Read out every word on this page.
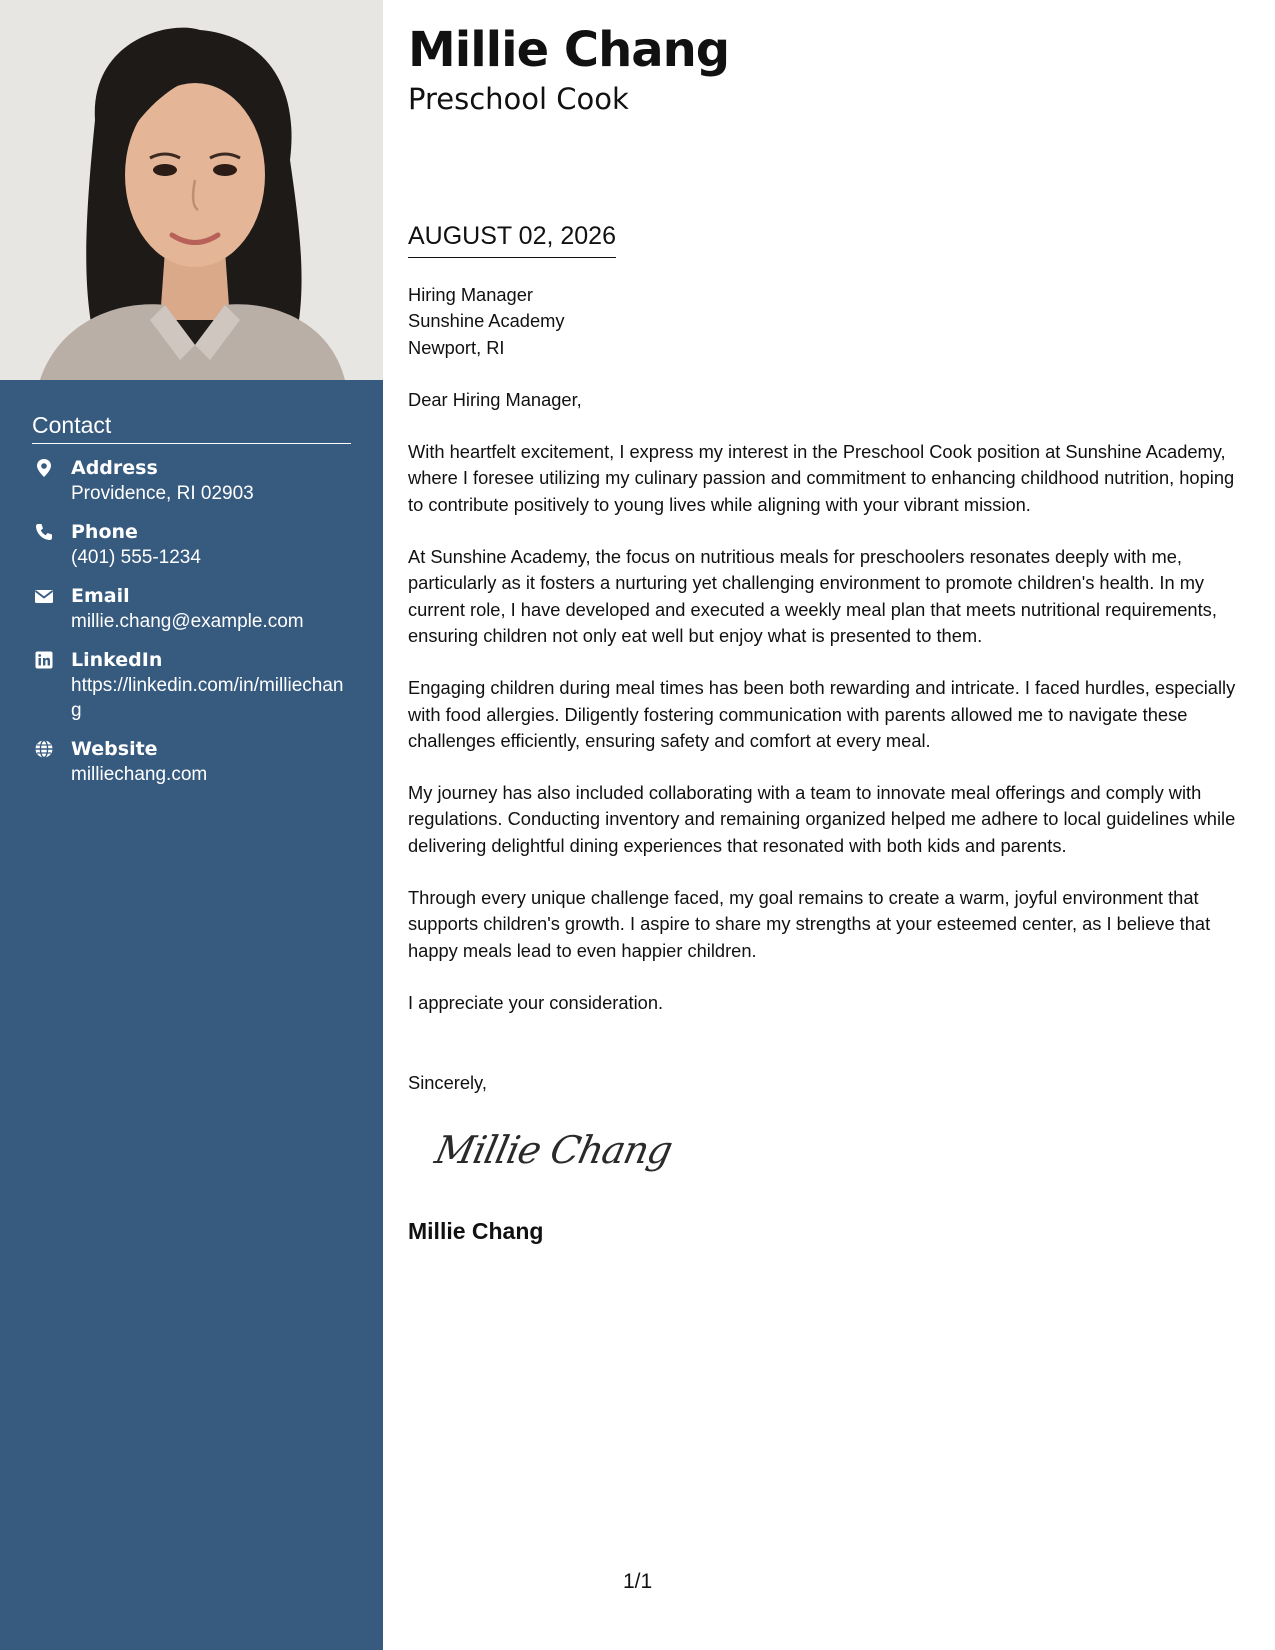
Contact
Address
Providence, RI 02903
Phone
(401) 555-1234
Email
millie.chang@example.com
LinkedIn
https://linkedin.com/in/milliechang
Website
milliechang.com
Millie Chang
Preschool Cook
AUGUST 02, 2026
Hiring Manager
Sunshine Academy
Newport, RI

Dear Hiring Manager,

With heartfelt excitement, I express my interest in the Preschool Cook position at Sunshine Academy, where I foresee utilizing my culinary passion and commitment to enhancing childhood nutrition, hoping to contribute positively to young lives while aligning with your vibrant mission.

At Sunshine Academy, the focus on nutritious meals for preschoolers resonates deeply with me, particularly as it fosters a nurturing yet challenging environment to promote children's health. In my current role, I have developed and executed a weekly meal plan that meets nutritional requirements, ensuring children not only eat well but enjoy what is presented to them.

Engaging children during meal times has been both rewarding and intricate. I faced hurdles, especially with food allergies. Diligently fostering communication with parents allowed me to navigate these challenges efficiently, ensuring safety and comfort at every meal.

My journey has also included collaborating with a team to innovate meal offerings and comply with regulations. Conducting inventory and remaining organized helped me adhere to local guidelines while delivering delightful dining experiences that resonated with both kids and parents.

Through every unique challenge faced, my goal remains to create a warm, joyful environment that supports children's growth. I aspire to share my strengths at your esteemed center, as I believe that happy meals lead to even happier children.

I appreciate your consideration.

Sincerely,

Millie Chang
Millie Chang
1/1
